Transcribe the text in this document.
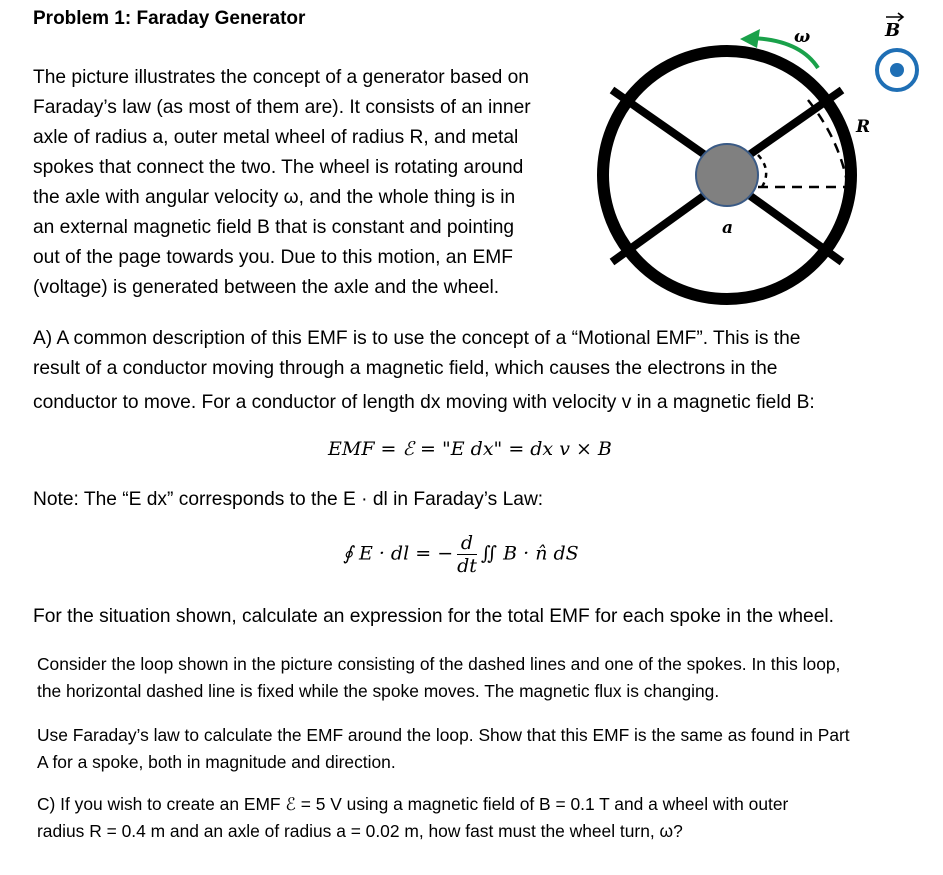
Problem 1: Faraday Generator
The picture illustrates the concept of a generator based on
Faraday’s law (as most of them are). It consists of an inner
axle of radius a, outer metal wheel of radius R, and metal
spokes that connect the two. The wheel is rotating around
the axle with angular velocity ω, and the whole thing is in
an external magnetic field B that is constant and pointing
out of the page towards you. Due to this motion, an EMF
(voltage) is generated between the axle and the wheel.
ω
R
a
B
A) A common description of this EMF is to use the concept of a “Motional EMF”. This is the
result of a conductor moving through a magnetic field, which causes the electrons in the
conductor to move. For a conductor of length dx moving with velocity v in a magnetic field B:
EMF = ℰ = "E dx" = dx v × B
Note: The “E dx” corresponds to the E · dl in Faraday’s Law:
∮ E · dl = − $\frac{d}{dt}$ ∬ B · n̂ dS
For the situation shown, calculate an expression for the total EMF for each spoke in the wheel.
Consider the loop shown in the picture consisting of the dashed lines and one of the spokes. In this loop,
the horizontal dashed line is fixed while the spoke moves. The magnetic flux is changing.
Use Faraday’s law to calculate the EMF around the loop. Show that this EMF is the same as found in Part
A for a spoke, both in magnitude and direction.
C) If you wish to create an EMF ℰ = 5 V using a magnetic field of B = 0.1 T and a wheel with outer
radius R = 0.4 m and an axle of radius a = 0.02 m, how fast must the wheel turn, ω?
